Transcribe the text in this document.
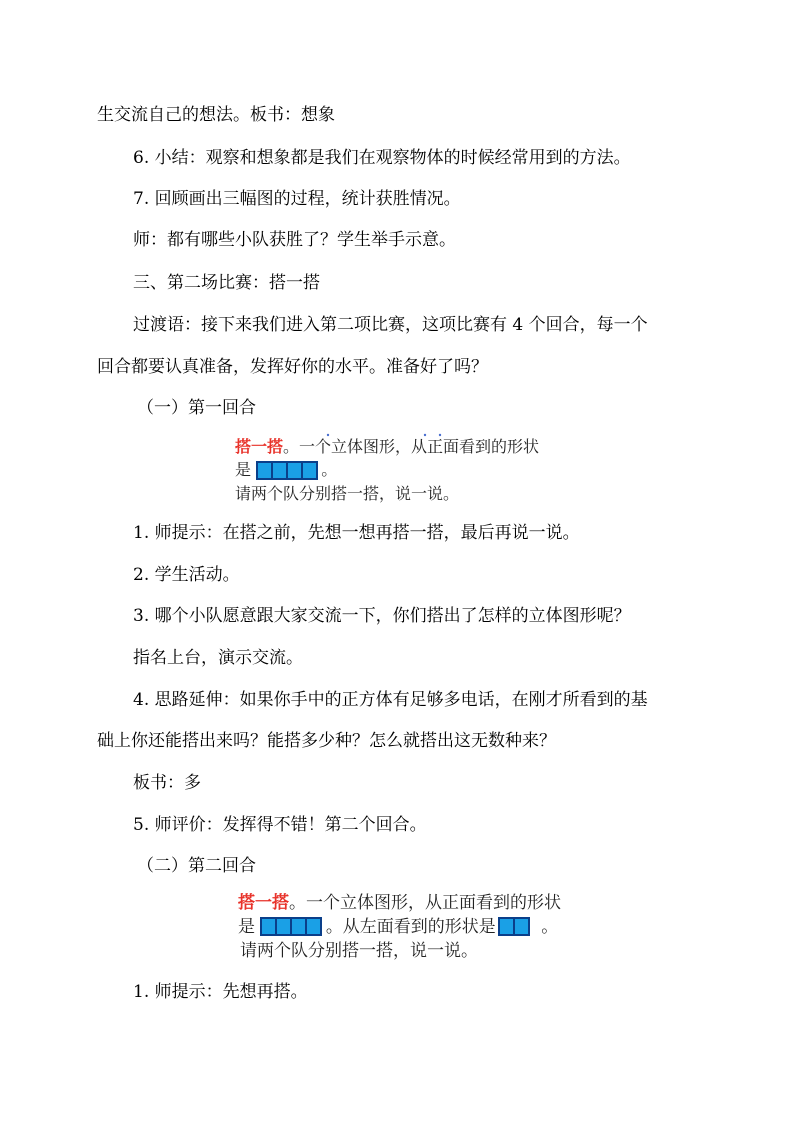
生交流自己的想法。板书：想象
6. 小结：观察和想象都是我们在观察物体的时候经常用到的方法。
7. 回顾画出三幅图的过程，统计获胜情况。
师：都有哪些小队获胜了？学生举手示意。
三、第二场比赛：搭一搭
过渡语：接下来我们进入第二项比赛，这项比赛有 4 个回合，每一个
回合都要认真准备，发挥好你的水平。准备好了吗？
（一）第一回合
搭一搭。一个立体图形，从正面看到的形状
是	。
请两个队分别搭一搭，说一说。
1. 师提示：在搭之前，先想一想再搭一搭，最后再说一说。
2. 学生活动。
3. 哪个小队愿意跟大家交流一下，你们搭出了怎样的立体图形呢？
指名上台，演示交流。
4. 思路延伸：如果你手中的正方体有足够多电话，在刚才所看到的基
础上你还能搭出来吗？能搭多少种？怎么就搭出这无数种来？
板书：多
5. 师评价：发挥得不错！第二个回合。
（二）第二回合
搭一搭。一个立体图形，从正面看到的形状
是	。从左面看到的形状是	。
请两个队分别搭一搭，说一说。
1. 师提示：先想再搭。
